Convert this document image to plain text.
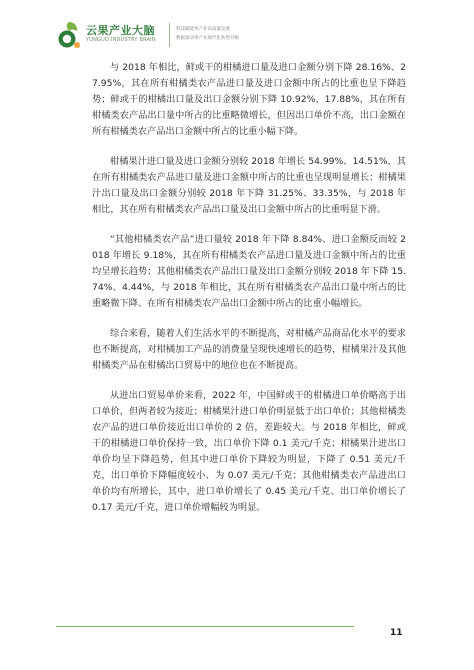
云果产业大脑
YUNGUO INDUSTRY BRAIN
科技赋能果产业高质量发展
数据驱动果产业现代化转型升级

与 2018 年相比，鲜或干的柑橘进口量及进口金额分别下降 28.16%、27.95%，其在所有柑橘类农产品进口量及进口金额中所占的比重也呈下降趋势；鲜或干的柑橘出口量及出口金额分别下降 10.92%、17.88%，其在所有柑橘类农产品出口量中所占的比重略微增长，但因出口单价不高，出口金额在所有柑橘类农产品出口金额中所占的比重小幅下降。

柑橘果汁进口量及进口金额分别较 2018 年增长 54.99%、14.51%，其在所有柑橘类农产品进口量及进口金额中所占的比重也呈现明显增长；柑橘果汁出口量及出口金额分别较 2018 年下降 31.25%、33.35%，与 2018 年相比，其在所有柑橘类农产品出口量及出口金额中所占的比重明显下滑。

“其他柑橘类农产品”进口量较 2018 年下降 8.84%、进口金额反而较 2018 年增长 9.18%，其在所有柑橘类农产品进口量及进口金额中所占的比重均呈增长趋势；其他柑橘类农产品出口量及出口金额分别较 2018 年下降 15.74%、4.44%，与 2018 年相比，其在所有柑橘类农产品出口量中所占的比重略微下降、在所有柑橘类农产品出口金额中所占的比重小幅增长。

综合来看，随着人们生活水平的不断提高，对柑橘产品商品化水平的要求也不断提高，对柑橘加工产品的消费量呈现快速增长的趋势，柑橘果汁及其他柑橘类产品在柑橘出口贸易中的地位也在不断提高。

从进出口贸易单价来看，2022 年，中国鲜或干的柑橘进口单价略高于出口单价，但两者较为接近；柑橘果汁进口单价明显低于出口单价；其他柑橘类农产品的进口单价接近出口单价的 2 倍，差距较大。与 2018 年相比，鲜或干的柑橘进口单价保持一致，出口单价下降 0.1 美元/千克；柑橘果汁进出口单价均呈下降趋势，但其中进口单价下降较为明显，下降了 0.51 美元/千克，出口单价下降幅度较小、为 0.07 美元/千克；其他柑橘类农产品进出口单价均有所增长，其中，进口单价增长了 0.45 美元/千克、出口单价增长了 0.17 美元/千克，进口单价增幅较为明显。

11
